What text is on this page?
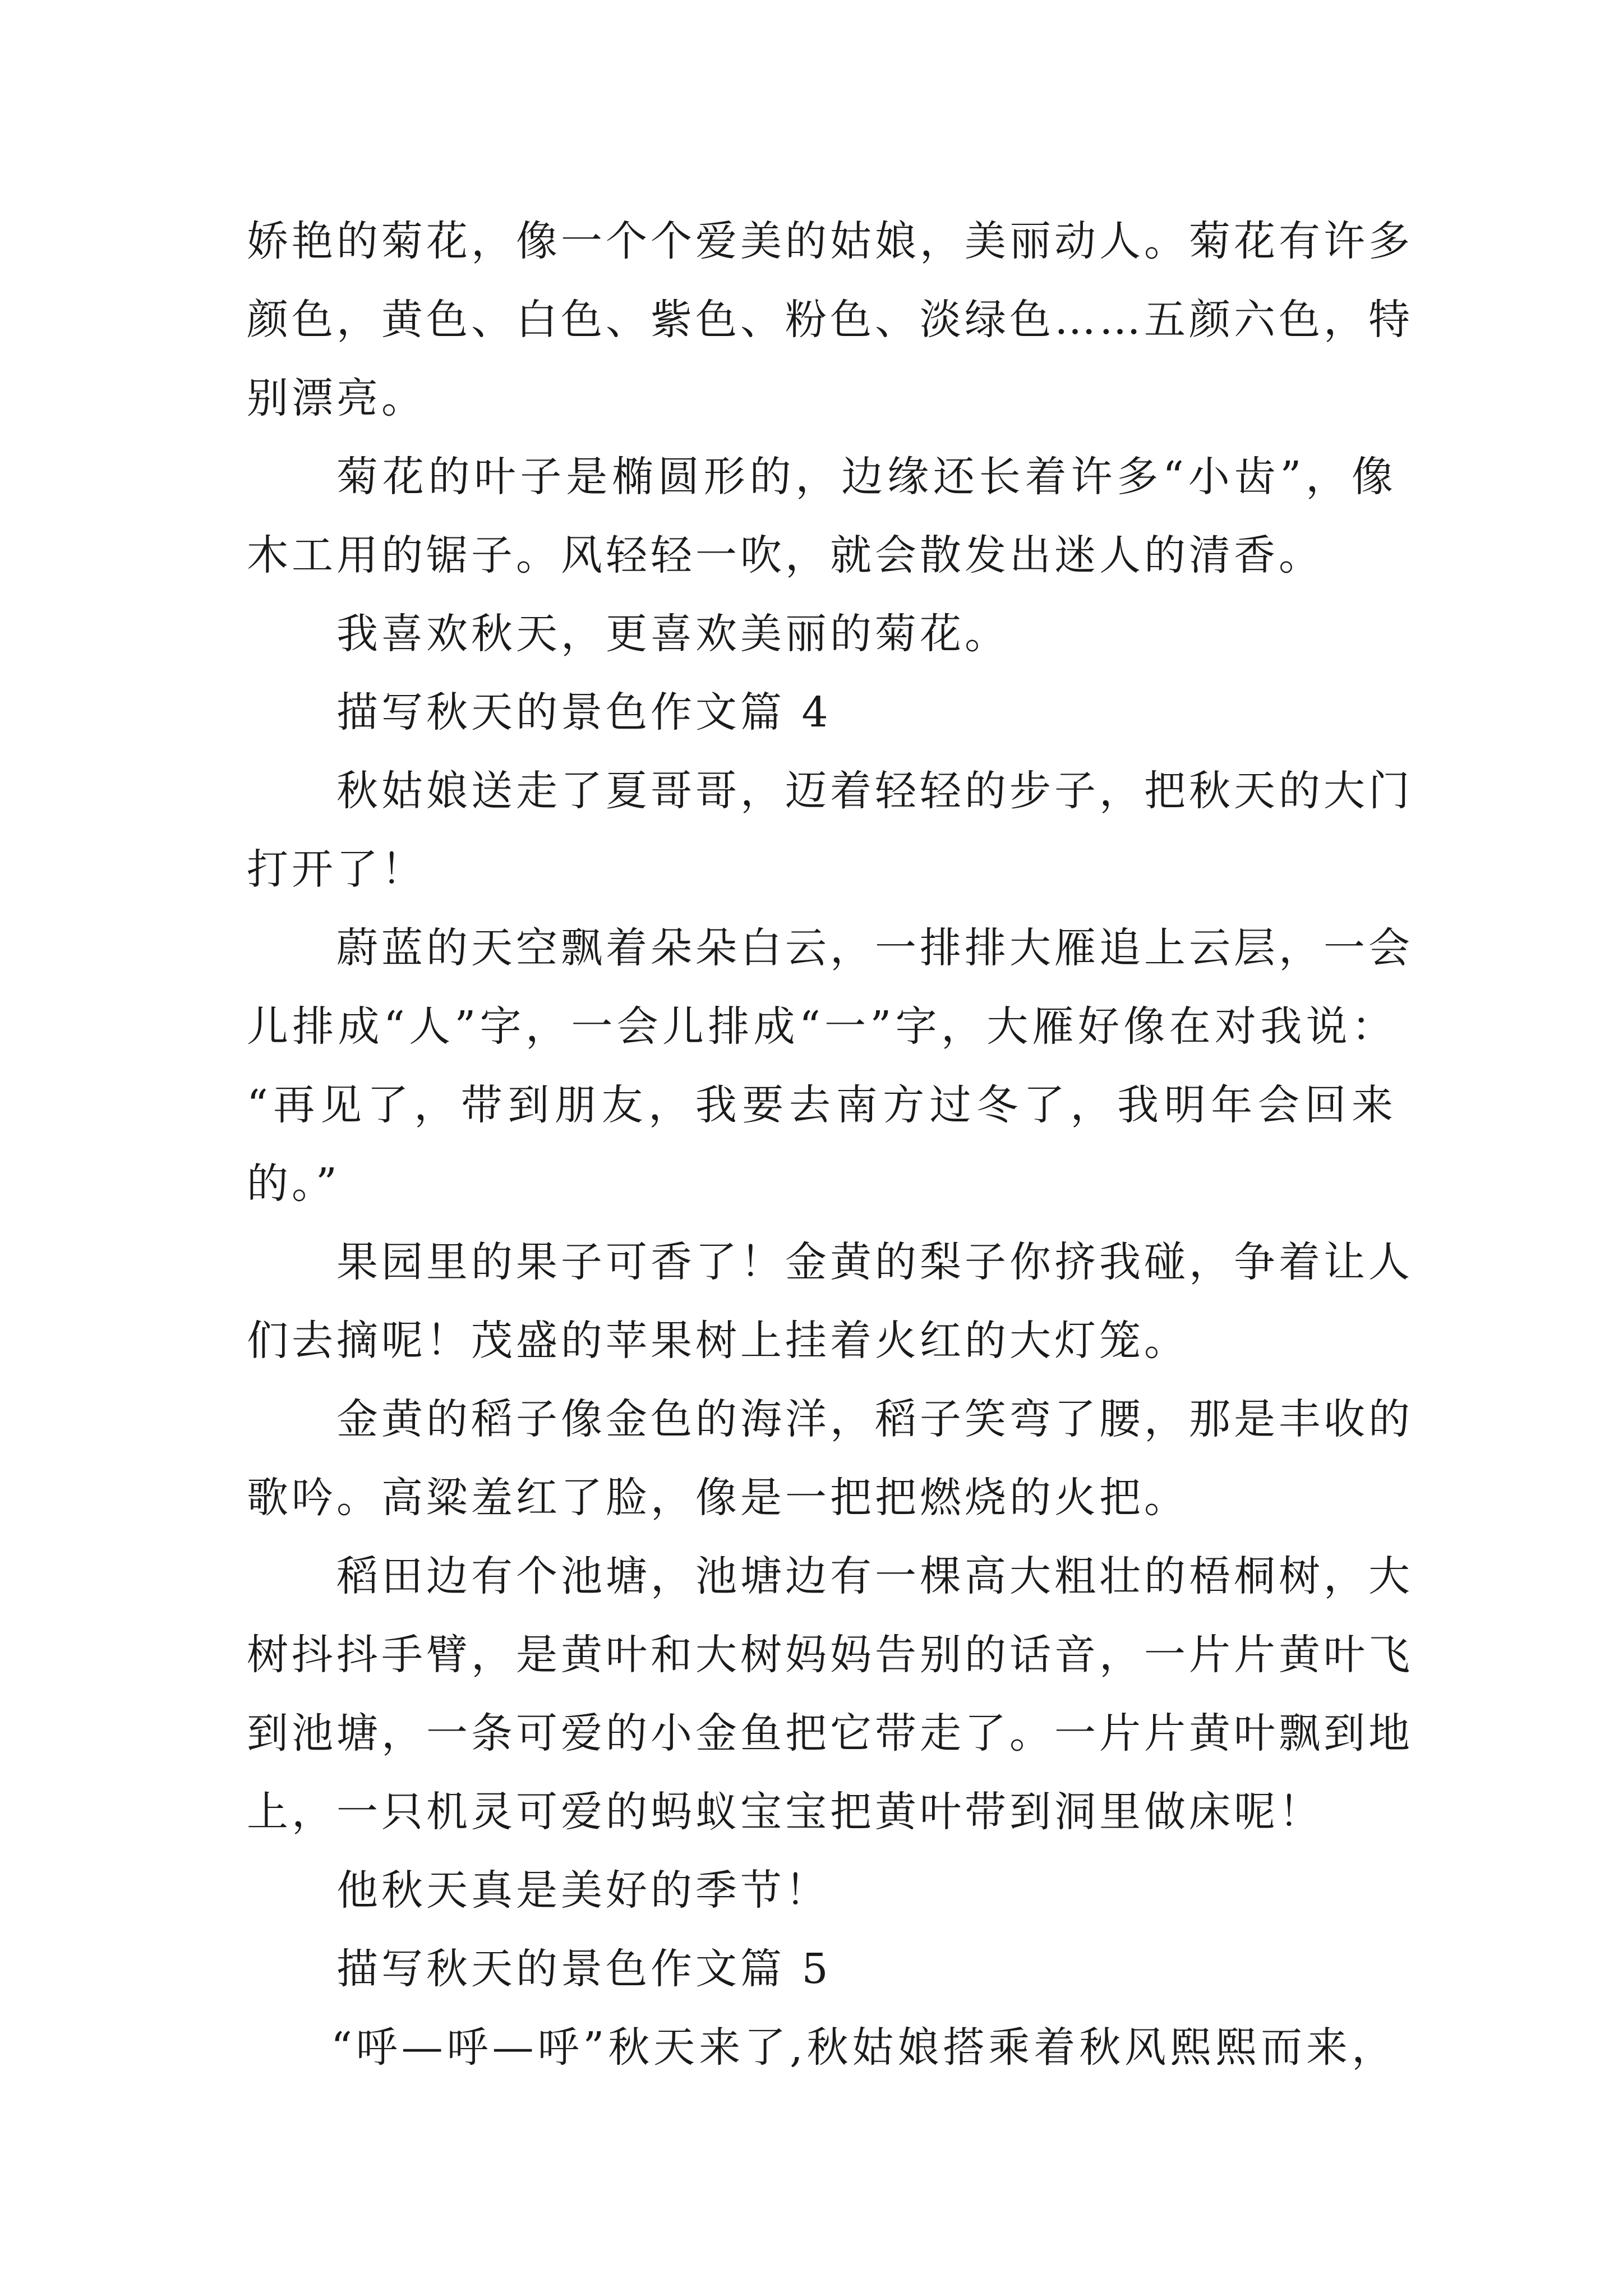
娇艳的菊花，像一个个爱美的姑娘，美丽动人。菊花有许多
颜色，黄色、白色、紫色、粉色、淡绿色……五颜六色，特
别漂亮。
菊花的叶子是椭圆形的，边缘还长着许多“小齿”，像
木工用的锯子。风轻轻一吹，就会散发出迷人的清香。
我喜欢秋天，更喜欢美丽的菊花。
描写秋天的景色作文篇 4
秋姑娘送走了夏哥哥，迈着轻轻的步子，把秋天的大门
打开了！
蔚蓝的天空飘着朵朵白云，一排排大雁追上云层，一会
儿排成“人”字，一会儿排成“一”字，大雁好像在对我说：
“再见了，带到朋友，我要去南方过冬了，我明年会回来
的。”
果园里的果子可香了！金黄的梨子你挤我碰，争着让人
们去摘呢！茂盛的苹果树上挂着火红的大灯笼。
金黄的稻子像金色的海洋，稻子笑弯了腰，那是丰收的
歌吟。高粱羞红了脸，像是一把把燃烧的火把。
稻田边有个池塘，池塘边有一棵高大粗壮的梧桐树，大
树抖抖手臂，是黄叶和大树妈妈告别的话音，一片片黄叶飞
到池塘，一条可爱的小金鱼把它带走了。一片片黄叶飘到地
上，一只机灵可爱的蚂蚁宝宝把黄叶带到洞里做床呢！
他秋天真是美好的季节！
描写秋天的景色作文篇 5
“呼—呼—呼”秋天来了,秋姑娘搭乘着秋风熙熙而来，
